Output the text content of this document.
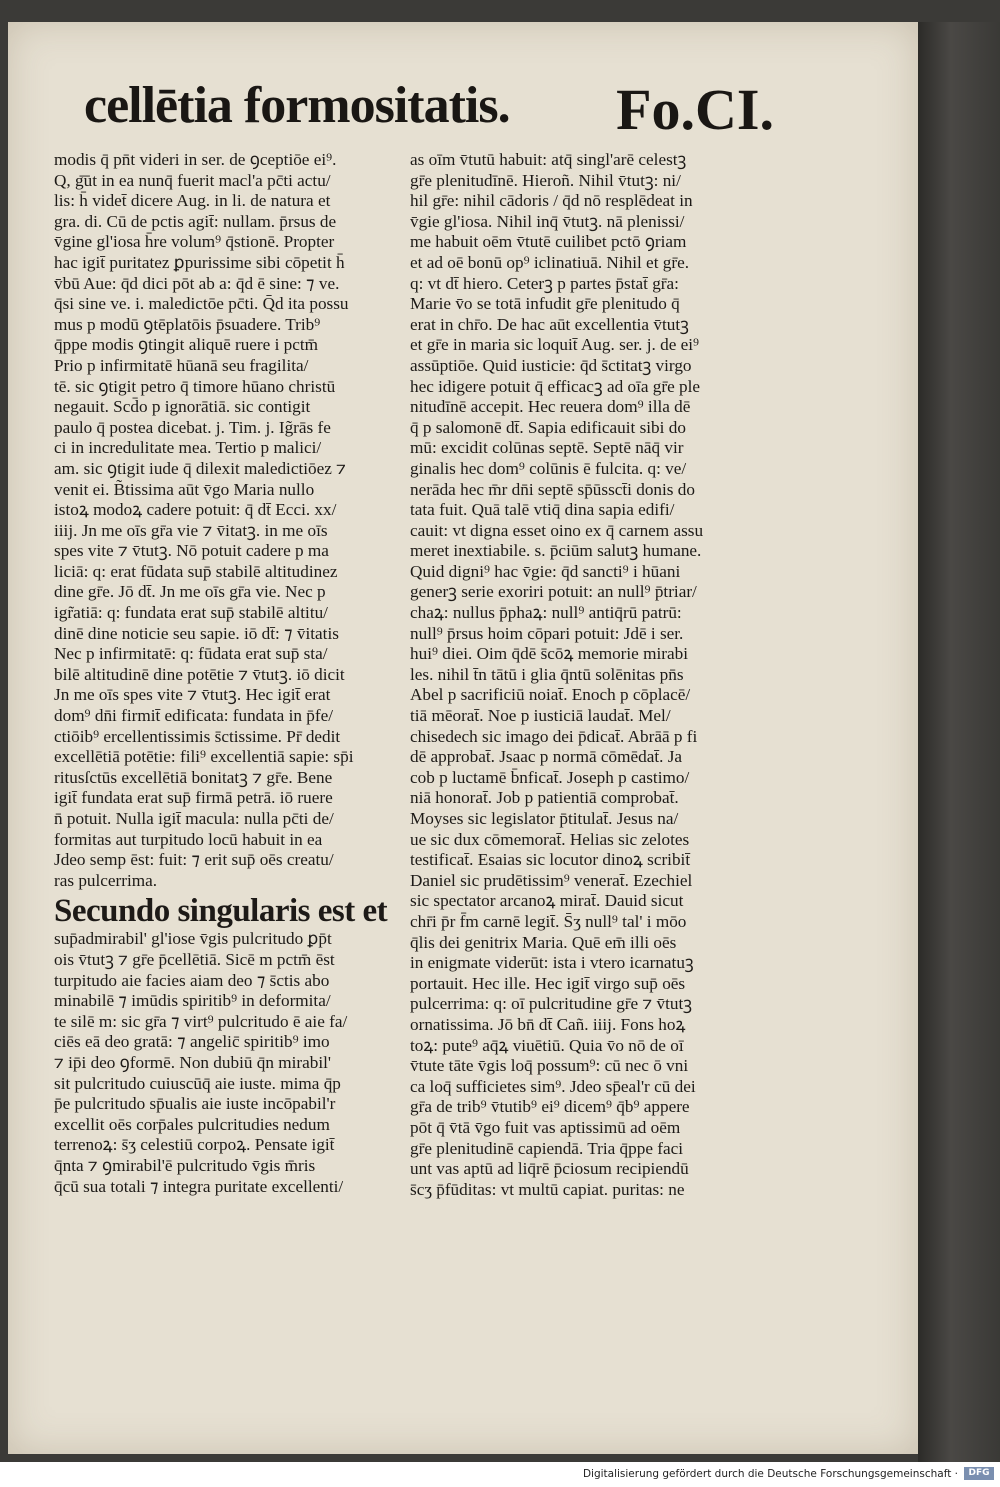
cellētia formositatis. Fo.CI.
modis q̄ pn̄t videri in ser. de ꝯceptiōe ei⁹.
Q, g͞ut in ea nunq̄ fuerit macl'a pc̄ti actu/
lis: h̄ videt̄ dicere Aug. in li. de natura et
gra. di. Cū de pctis agit̄: nullam. p̄rsus de
v̄gine gl'iosa h̄re volum⁹ q̄stionē. Propter
hac igit̄ puritatez ꝑpurissime sibi cōpetit h̄
v̄bū Aue: q̄d dici pōt ab a: q̄d ē sine: ⁊ ve.
q̄si sine ve. i. maledictōe pc̄ti. Q̄d ita possu
mus p modū ꝯtēplatōis p̄suadere. Trib⁹
q̄ppe modis ꝯtingit aliquē ruere i pctm̄
Prio p infirmitatē hūanā seu fragilita/
tē. sic ꝯtigit petro q̄ timore hūano christū
negauit. Scd̄o p ignorātiā. sic contigit
paulo q̄ postea dicebat. j. Tim. j. Ig̃rās fe
ci in incredulitate mea. Tertio p malici/
am. sic ꝯtigit iude q̄ dilexit maledictiōez ⁊
venit ei. B̃tissima aūt v̄go Maria nullo
istoꝝ modoꝝ cadere potuit: q̄ dt̄ Ecci. xx/
iiij. Jn me oīs gr̄a vie ⁊ v̄itatꝫ. in me oīs
spes vite ⁊ v̄tutꝫ. Nō potuit cadere p ma
liciā: q: erat fūdata sup̄ stabilē altitudinez
dine gr̄e. Jō dt̄. Jn me oīs gr̄a vie. Nec p
igr̃atiā: q: fundata erat sup̄ stabilē altitu/
dinē dine noticie seu sapie. iō dt̄: ⁊ v̄itatis
Nec p infirmitatē: q: fūdata erat sup̄ sta/
bilē altitudinē dine potētie ⁊ v̄tutꝫ. iō dicit
Jn me oīs spes vite ⁊ v̄tutꝫ. Hec igit̄ erat
dom⁹ dn̄i firmit̄ edificata: fundata in p̄fe/
ctiōib⁹ ercellentissimis s̄ctissime. Pr̄ dedit
excellētiā potētie: fili⁹ excellentiā sapie: sp̄i
ritusſctūs excellētiā bonitatꝫ ⁊ gr̄e. Bene
igit̄ fundata erat sup̄ firmā petrā. iō ruere
n̄ potuit. Nulla igit̄ macula: nulla pc̄ti de/
formitas aut turpitudo locū habuit in ea
Jdeo semp ēst: fuit: ⁊ erit sup̄ oēs creatu/
ras pulcerrima.
Secundo singularis est et
sup̄admirabil' gl'iose v̄gis pulcritudo ꝑp̄t
ois v̄tutꝫ ⁊ gr̄e p̄cellētiā. Sicē m pctm̄ ēst
turpitudo aie facies aiam deo ⁊ s̄ctis abo
minabilē ⁊ imūdis spiritib⁹ in deformita/
te silē m: sic gr̄a ⁊ virt⁹ pulcritudo ē aie fa/
ciēs eā deo gratā: ⁊ angelic̄ spiritib⁹ imo
⁊ ip̄i deo ꝯformē. Non dubiū q̄n mirabil'
sit pulcritudo cuiuscūq̄ aie iuste. mima q̄p
p̄e pulcritudo sp̄ualis aie iuste incōpabil'r
excellit oēs corp̄ales pulcritudies nedum
terrenoꝝ: s̄ʒ celestiū corpoꝝ. Pensate igit̄
q̄nta ⁊ ꝯmirabil'ē pulcritudo v̄gis m̄ris
q̄cū sua totali ⁊ integra puritate excellenti/
as oīm v̄tutū habuit: atq̄ singl'arē celestꝫ
gr̄e plenitudīnē. Hieroñ. Nihil v̄tutꝫ: ni/
hil gr̄e: nihil cādoris / q̄d nō resplēdeat in
v̄gie gl'iosa. Nihil inq̄ v̄tutꝫ. nā plenissi/
me habuit oēm v̄tutē cuilibet pctō ꝯriam
et ad oē bonū op⁹ iclinatiuā. Nihil et gr̄e.
q: vt dt̄ hiero. Ceterꝫ p partes p̄stat̄ gr̄a:
Marie v̄o se totā infudit gr̄e plenitudo q̄
erat in chr̄o. De hac aūt excellentia v̄tutꝫ
et gr̄e in maria sic loquit̄ Aug. ser. j. de ei⁹
assūptiōe. Quid iusticie: q̄d s̄ctitatꝫ virgo
hec idigere potuit q̄ efficacꝫ ad oīa gr̄e ple
nitudīnē accepit. Hec reuera dom⁹ illa dē
q̄ p salomonē dt̄. Sapia edificauit sibi do
mū: excidit colūnas septē. Septē nāq̄ vir
ginalis hec dom⁹ colūnis ē fulcita. q: ve/
nerāda hec m̄r dn̄i septē sp̄ūssct̄i donis do
tata fuit. Quā talē vtiq̄ dina sapia edifi/
cauit: vt digna esset oino ex q̄ carnem assu
meret inextiabile. s. p̄ciūm salutꝫ humane.
Quid digni⁹ hac v̄gie: q̄d sancti⁹ i hūani
generꝫ serie exoriri potuit: an null⁹ p̄triar/
chaꝝ: nullus p̄phaꝝ: null⁹ antiq̄rū patrū:
null⁹ p̄rsus hoim cōpari potuit: Jdē i ser.
hui⁹ diei. Oim q̄dē s̄cōꝝ memorie mirabi
les. nihil t̄n tātū i glia q̄ntū solēnitas pn̄s
Abel p sacrificiū noiat̄. Enoch p cōplacē/
tiā mēorat̄. Noe p iusticiā laudat̄. Mel/
chisedech sic imago dei p̄dicat̄. Abrāā p fi
dē approbat̄. Jsaac p normā cōmēdat̄. Ja
cob p luctamē b̄nficat̄. Joseph p castimo/
niā honorat̄. Job p patientiā comprobat̄.
Moyses sic legislator p̄titulat̄. Jesus na/
ue sic dux cōmemorat̄. Helias sic zelotes
testificat̄. Esaias sic locutor dinoꝝ scribit̄
Daniel sic prudētissim⁹ venerat̄. Ezechiel
sic spectator arcanoꝝ mirat̄. Dauid sicut
chr̄i p̄r f̄m carnē legit̄. S̄ʒ null⁹ tal' i mōo
q̄lis dei genitrix Maria. Quē em̄ illi oēs
in enigmate viderūt: ista i vtero icarnatuꝫ
portauit. Hec ille. Hec igit̄ virgo sup̄ oēs
pulcerrima: q: oī pulcritudine gr̄e ⁊ v̄tutꝫ
ornatissima. Jō bn̄ dt̄ Cañ. iiij. Fons hoꝝ
toꝝ: pute⁹ aq̄ꝝ viuētiū. Quia v̄o nō de oī
v̄tute tāte v̄gis loq̄ possum⁹: cū nec ō vni
ca loq̄ sufficietes sim⁹. Jdeo sp̄eal'r cū dei
gr̄a de trib⁹ v̄tutib⁹ ei⁹ dicem⁹ q̄b⁹ appere
pōt q̄ v̄tā v̄go fuit vas aptissimū ad oēm
gr̄e plenitudinē capiendā. Tria q̄ppe faci
unt vas aptū ad liq̄rē p̄ciosum recipiendū
s̄cʒ p̄fūditas: vt multū capiat. puritas: ne
Digitalisierung gefördert durch die Deutsche Forschungsgemeinschaft ·	DFG
